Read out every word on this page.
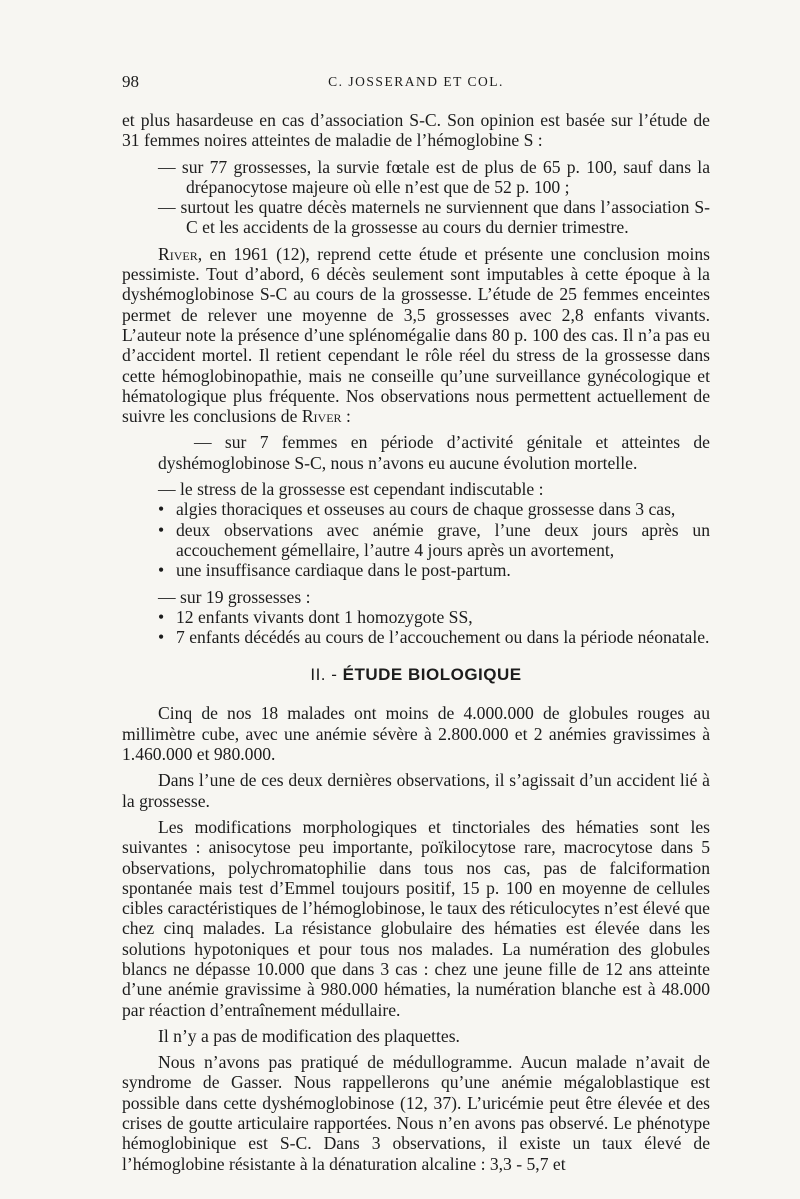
98	C. JOSSERAND ET COL.

et plus hasardeuse en cas d’association S-C. Son opinion est basée sur l’étude de 31 femmes noires atteintes de maladie de l’hémoglobine S :

— sur 77 grossesses, la survie fœtale est de plus de 65 p. 100, sauf dans la drépanocytose majeure où elle n’est que de 52 p. 100 ;

— surtout les quatre décès maternels ne surviennent que dans l’association S-C et les accidents de la grossesse au cours du dernier trimestre.

River, en 1961 (12), reprend cette étude et présente une conclusion moins pessimiste. Tout d’abord, 6 décès seulement sont imputables à cette époque à la dyshémoglobinose S-C au cours de la grossesse. L’étude de 25 femmes enceintes permet de relever une moyenne de 3,5 grossesses avec 2,8 enfants vivants. L’auteur note la présence d’une splénomégalie dans 80 p. 100 des cas. Il n’a pas eu d’accident mortel. Il retient cependant le rôle réel du stress de la grossesse dans cette hémoglobinopathie, mais ne conseille qu’une surveillance gynécologique et hématologique plus fréquente. Nos observations nous permettent actuellement de suivre les conclusions de River :

— sur 7 femmes en période d’activité génitale et atteintes de dyshémoglobinose S-C, nous n’avons eu aucune évolution mortelle.

— le stress de la grossesse est cependant indiscutable :

• algies thoraciques et osseuses au cours de chaque grossesse dans 3 cas,

• deux observations avec anémie grave, l’une deux jours après un accouchement gémellaire, l’autre 4 jours après un avortement,

• une insuffisance cardiaque dans le post-partum.

— sur 19 grossesses :

• 12 enfants vivants dont 1 homozygote SS,

• 7 enfants décédés au cours de l’accouchement ou dans la période néonatale.

II. - ÉTUDE BIOLOGIQUE

Cinq de nos 18 malades ont moins de 4.000.000 de globules rouges au millimètre cube, avec une anémie sévère à 2.800.000 et 2 anémies gravissimes à 1.460.000 et 980.000.

Dans l’une de ces deux dernières observations, il s’agissait d’un accident lié à la grossesse.

Les modifications morphologiques et tinctoriales des hématies sont les suivantes : anisocytose peu importante, poïkilocytose rare, macrocytose dans 5 observations, polychromatophilie dans tous nos cas, pas de falciformation spontanée mais test d’Emmel toujours positif, 15 p. 100 en moyenne de cellules cibles caractéristiques de l’hémoglobinose, le taux des réticulocytes n’est élevé que chez cinq malades. La résistance globulaire des hématies est élevée dans les solutions hypotoniques et pour tous nos malades. La numération des globules blancs ne dépasse 10.000 que dans 3 cas : chez une jeune fille de 12 ans atteinte d’une anémie gravissime à 980.000 hématies, la numération blanche est à 48.000 par réaction d’entraînement médullaire.

Il n’y a pas de modification des plaquettes.

Nous n’avons pas pratiqué de médullogramme. Aucun malade n’avait de syndrome de Gasser. Nous rappellerons qu’une anémie mégaloblastique est possible dans cette dyshémoglobinose (12, 37). L’uricémie peut être élevée et des crises de goutte articulaire rapportées. Nous n’en avons pas observé. Le phénotype hémoglobinique est S-C. Dans 3 observations, il existe un taux élevé de l’hémoglobine résistante à la dénaturation alcaline : 3,3 - 5,7 et
